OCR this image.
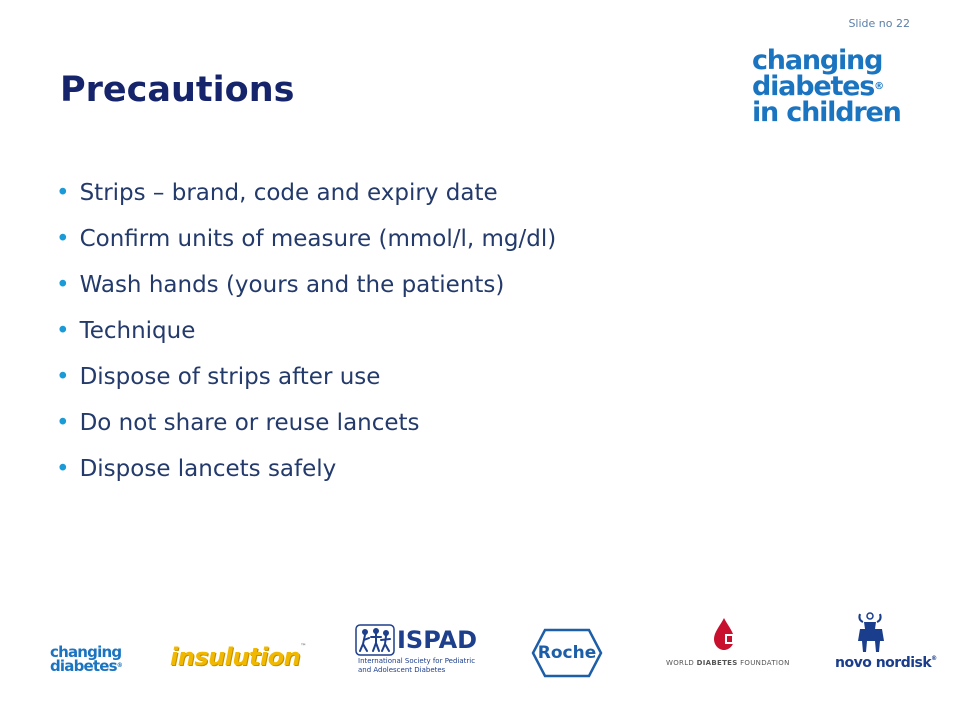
Slide no 22
changing
diabetes®
in children
Precautions
• Strips – brand, code and expiry date
• Confirm units of measure (mmol/l, mg/dl)
• Wash hands (yours and the patients)
• Technique
• Dispose of strips after use
• Do not share or reuse lancets
• Dispose lancets safely
changing
diabetes® insulution™	ISPAD
International Society for Pediatric
and Adolescent Diabetes
Roche	WORLD DIABETES FOUNDATION	novo nordisk®
